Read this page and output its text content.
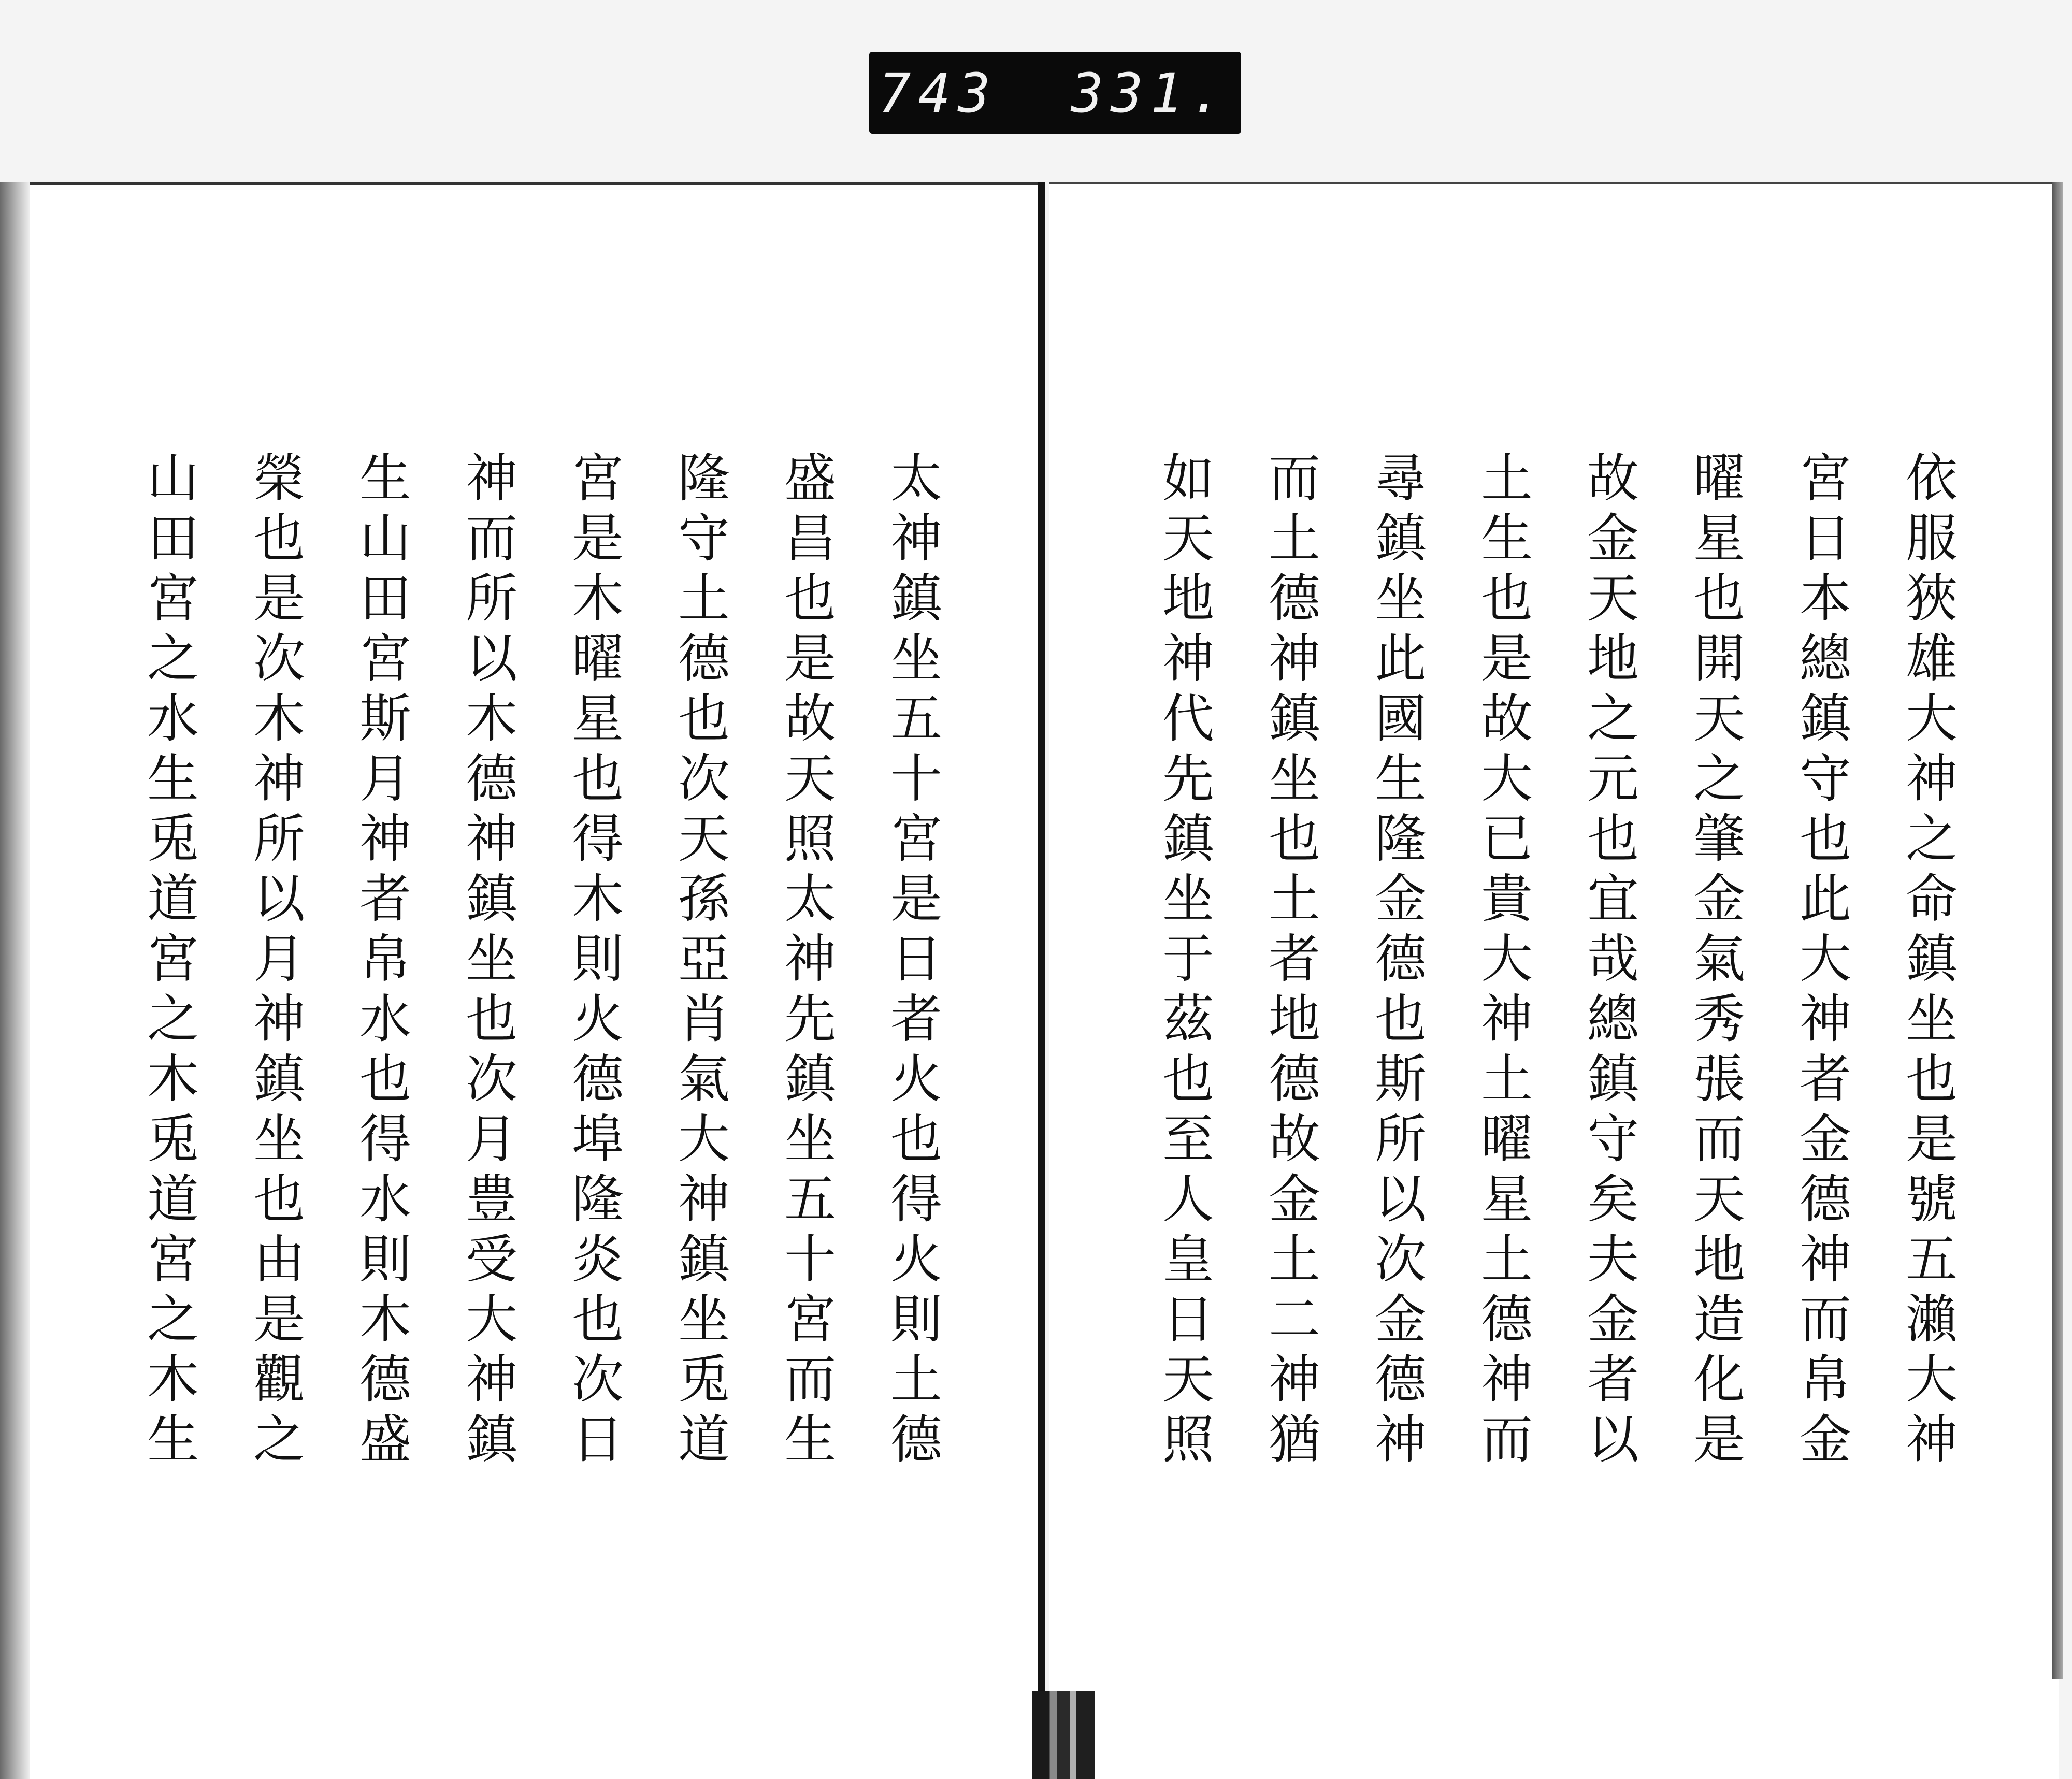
743 331.
依服狹雄大神之命鎮坐也是號五瀨大神
宮日本總鎮守也此大神者金德神而帛金
曜星也開天之肇金氣秀張而天地造化是
故金天地之元也宜哉總鎮守矣夫金者以
土生也是故大已貴大神土曜星土德神而
尋鎮坐此國生隆金德也斯所以次金德神
而土德神鎮坐也土者地德故金土二神猶
如天地神代先鎮坐于茲也至人皇日天照
太神鎮坐五十宮是日者火也得火則土德
盛昌也是故天照太神先鎮坐五十宮而生
隆守土德也次天孫亞肖氣大神鎮坐兎道
宮是木曜星也得木則火德埠隆炎也次日
神而所以木德神鎮坐也次月豊受大神鎮
生山田宮斯月神者帛水也得水則木德盛
榮也是次木神所以月神鎮坐也由是觀之
山田宮之水生兎道宮之木兎道宮之木生
